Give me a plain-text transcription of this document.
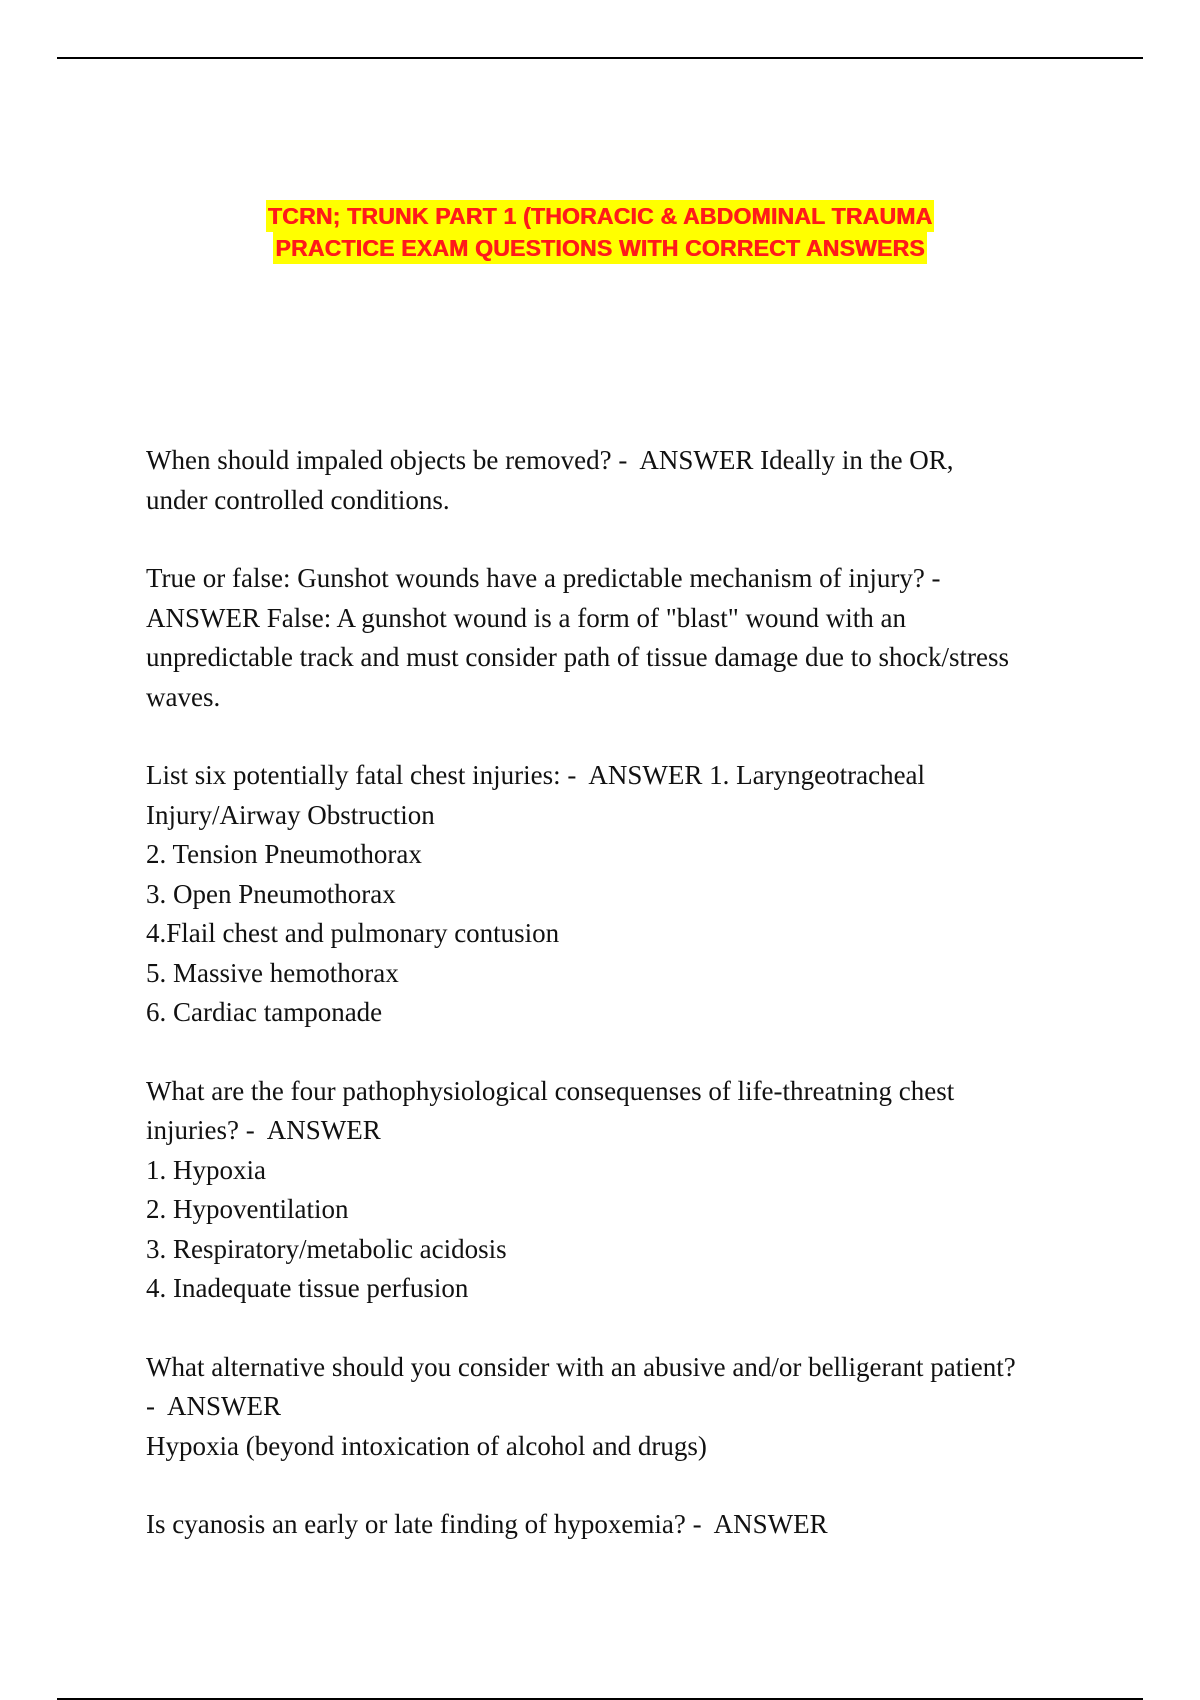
TCRN; TRUNK PART 1 (THORACIC & ABDOMINAL TRAUMA
PRACTICE EXAM QUESTIONS WITH CORRECT ANSWERS
When should impaled objects be removed? -  ANSWER Ideally in the OR,
under controlled conditions.
True or false: Gunshot wounds have a predictable mechanism of injury? -
ANSWER False: A gunshot wound is a form of "blast" wound with an
unpredictable track and must consider path of tissue damage due to shock/stress
waves.
List six potentially fatal chest injuries: -  ANSWER 1. Laryngeotracheal
Injury/Airway Obstruction
2. Tension Pneumothorax
3. Open Pneumothorax
4.Flail chest and pulmonary contusion
5. Massive hemothorax
6. Cardiac tamponade
What are the four pathophysiological consequenses of life-threatning chest
injuries? -  ANSWER
1. Hypoxia
2. Hypoventilation
3. Respiratory/metabolic acidosis
4. Inadequate tissue perfusion
What alternative should you consider with an abusive and/or belligerant patient?
-  ANSWER
Hypoxia (beyond intoxication of alcohol and drugs)
Is cyanosis an early or late finding of hypoxemia? -  ANSWER
